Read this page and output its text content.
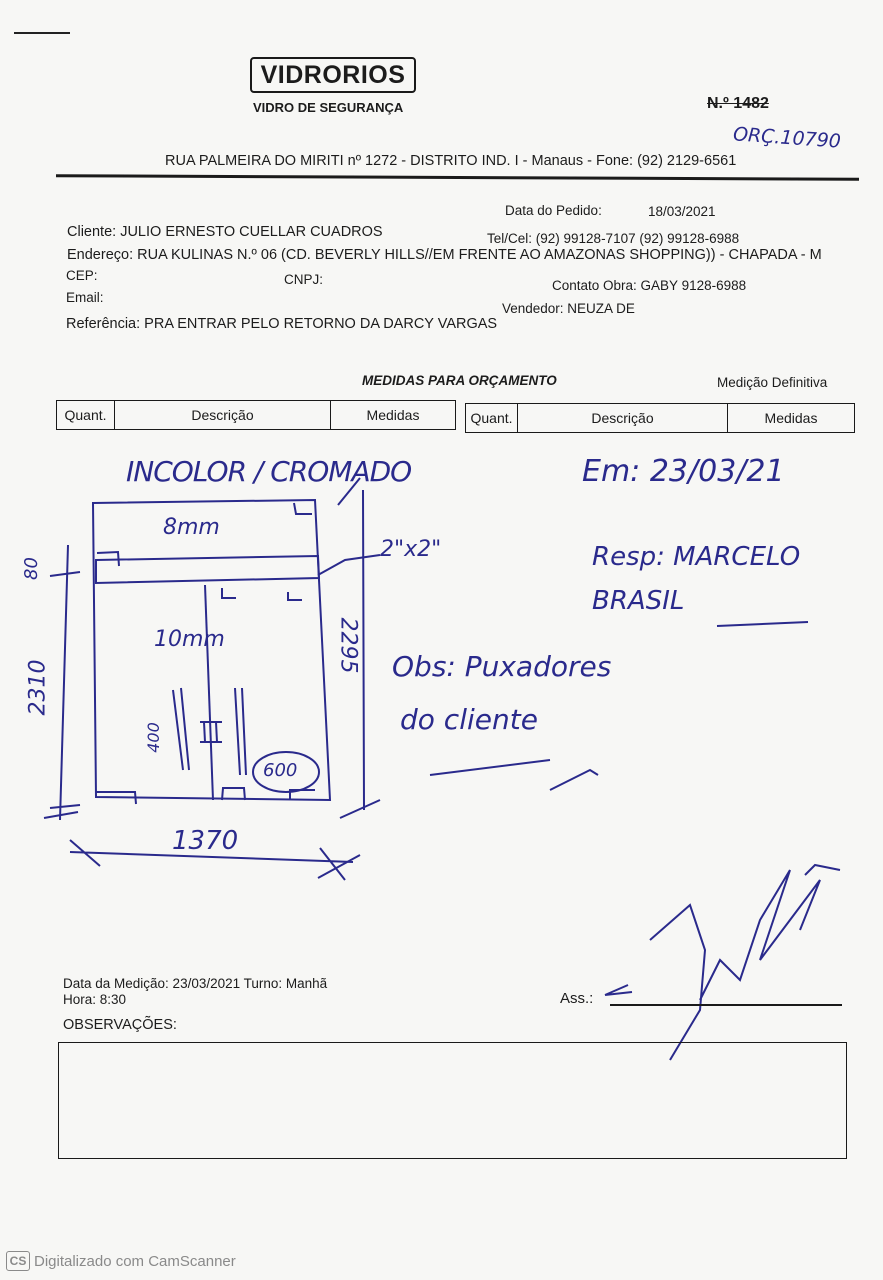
VIDRORIOS
VIDRO DE SEGURANÇA	N.º 1482
ORÇ.10790
RUA PALMEIRA DO MIRITI nº 1272 - DISTRITO IND. I - Manaus - Fone: (92) 2129-6561
Data do Pedido:	18/03/2021
Cliente: JULIO ERNESTO CUELLAR CUADROS	Tel/Cel: (92) 99128-7107 (92) 99128-6988
Endereço: RUA KULINAS N.º 06 (CD. BEVERLY HILLS//EM FRENTE AO AMAZONAS SHOPPING)) - CHAPADA - M
CEP:	CNPJ:	Contato Obra: GABY 9128-6988
Email:
Vendedor: NEUZA DE
Referência: PRA ENTRAR PELO RETORNO DA DARCY VARGAS
MEDIDAS PARA ORÇAMENTO	Medição Definitiva
Quant.	Descrição	Medidas	Quant.	Descrição	Medidas
INCOLOR / CROMADO
8mm
2"x2"
10mm
80
2310
2295
400
600
1370
Em: 23/03/21
Resp: MARCELO BRASIL
Obs: Puxadores
do cliente
Data da Medição: 23/03/2021 Turno: Manhã
Hora: 8:30	Ass.:
OBSERVAÇÕES:
CS Digitalizado com CamScanner
